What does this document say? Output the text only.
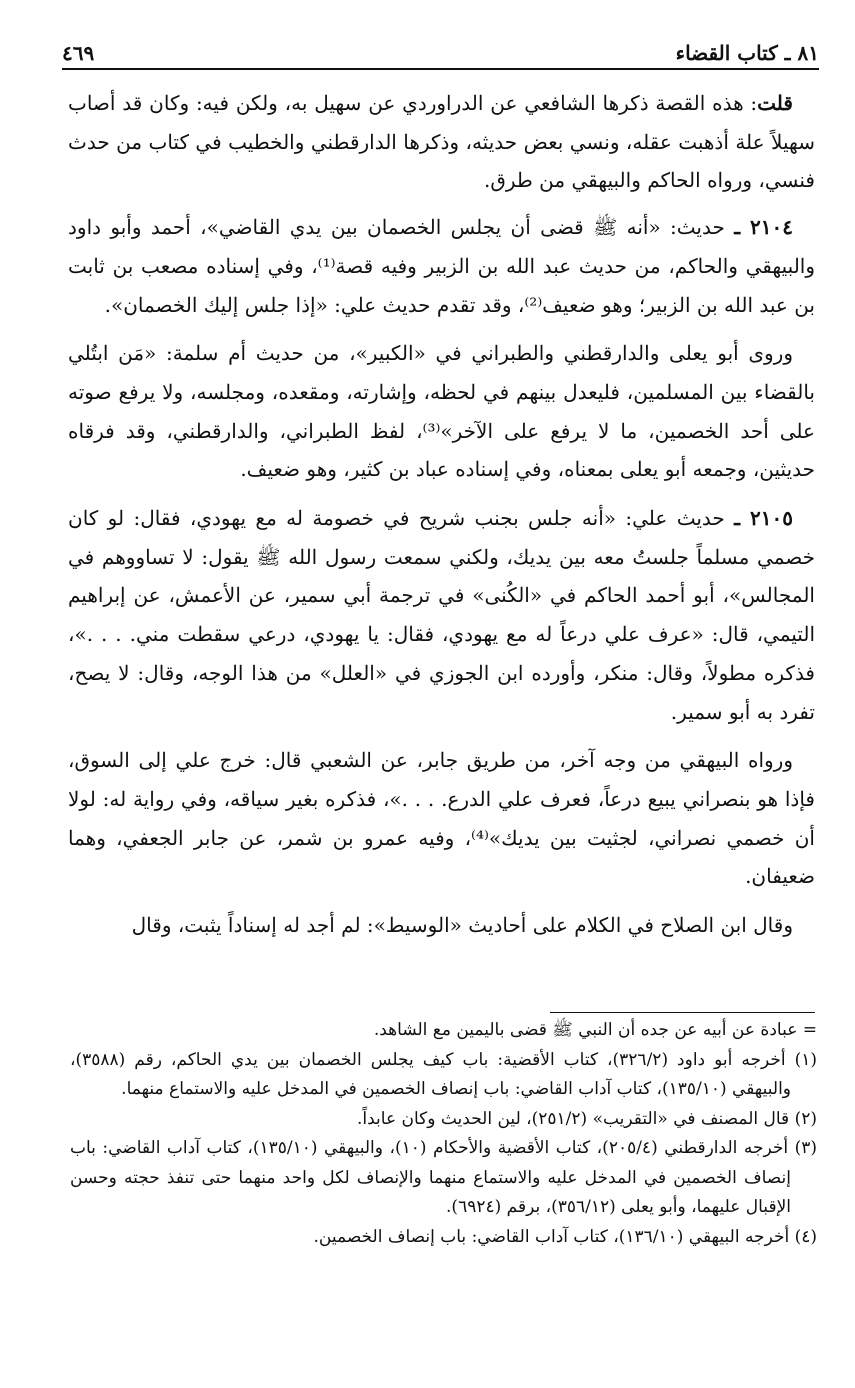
٨١ ـ كتاب القضاء
٤٦٩

قلت: هذه القصة ذكرها الشافعي عن الدراوردي عن سهيل به، ولكن فيه: وكان قد أصاب سهيلاً علة أذهبت عقله، ونسي بعض حديثه، وذكرها الدارقطني والخطيب في كتاب من حدث فنسي، ورواه الحاكم والبيهقي من طرق.

٢١٠٤ ـ حديث: «أنه ﷺ قضى أن يجلس الخصمان بين يدي القاضي»، أحمد وأبو داود والبيهقي والحاكم، من حديث عبد الله بن الزبير وفيه قصة⁽¹⁾، وفي إسناده مصعب بن ثابت بن عبد الله بن الزبير؛ وهو ضعيف⁽²⁾، وقد تقدم حديث علي: «إذا جلس إليك الخصمان».

وروى أبو يعلى والدارقطني والطبراني في «الكبير»، من حديث أم سلمة: «مَن ابتُلي بالقضاء بين المسلمين، فليعدل بينهم في لحظه، وإشارته، ومقعده، ومجلسه، ولا يرفع صوته على أحد الخصمين، ما لا يرفع على الآخر»⁽³⁾، لفظ الطبراني، والدارقطني، وقد فرقاه حديثين، وجمعه أبو يعلى بمعناه، وفي إسناده عباد بن كثير، وهو ضعيف.

٢١٠٥ ـ حديث علي: «أنه جلس بجنب شريح في خصومة له مع يهودي، فقال: لو كان خصمي مسلماً جلستُ معه بين يديك، ولكني سمعت رسول الله ﷺ يقول: لا تساووهم في المجالس»، أبو أحمد الحاكم في «الكُنى» في ترجمة أبي سمير، عن الأعمش، عن إبراهيم التيمي، قال: «عرف علي درعاً له مع يهودي، فقال: يا يهودي، درعي سقطت مني. . . .»، فذكره مطولاً، وقال: منكر، وأورده ابن الجوزي في «العلل» من هذا الوجه، وقال: لا يصح، تفرد به أبو سمير.

ورواه البيهقي من وجه آخر، من طريق جابر، عن الشعبي قال: خرج علي إلى السوق، فإذا هو بنصراني يبيع درعاً، فعرف علي الدرع. . . .»، فذكره بغير سياقه، وفي رواية له: لولا أن خصمي نصراني، لجثيت بين يديك»⁽⁴⁾، وفيه عمرو بن شمر، عن جابر الجعفي، وهما ضعيفان.

وقال ابن الصلاح في الكلام على أحاديث «الوسيط»: لم أجد له إسناداً يثبت، وقال

= عبادة عن أبيه عن جده أن النبي ﷺ قضى باليمين مع الشاهد.

(١) أخرجه أبو داود (٣٢٦/٢)، كتاب الأقضية: باب كيف يجلس الخصمان بين يدي الحاكم، رقم (٣٥٨٨)، والبيهقي (١٣٥/١٠)، كتاب آداب القاضي: باب إنصاف الخصمين في المدخل عليه والاستماع منهما.

(٢) قال المصنف في «التقريب» (٢٥١/٢)، لين الحديث وكان عابداً.

(٣) أخرجه الدارقطني (٢٠٥/٤)، كتاب الأقضية والأحكام (١٠)، والبيهقي (١٣٥/١٠)، كتاب آداب القاضي: باب إنصاف الخصمين في المدخل عليه والاستماع منهما والإنصاف لكل واحد منهما حتى تنفذ حجته وحسن الإقبال عليهما، وأبو يعلى (٣٥٦/١٢)، برقم (٦٩٢٤).

(٤) أخرجه البيهقي (١٣٦/١٠)، كتاب آداب القاضي: باب إنصاف الخصمين.
